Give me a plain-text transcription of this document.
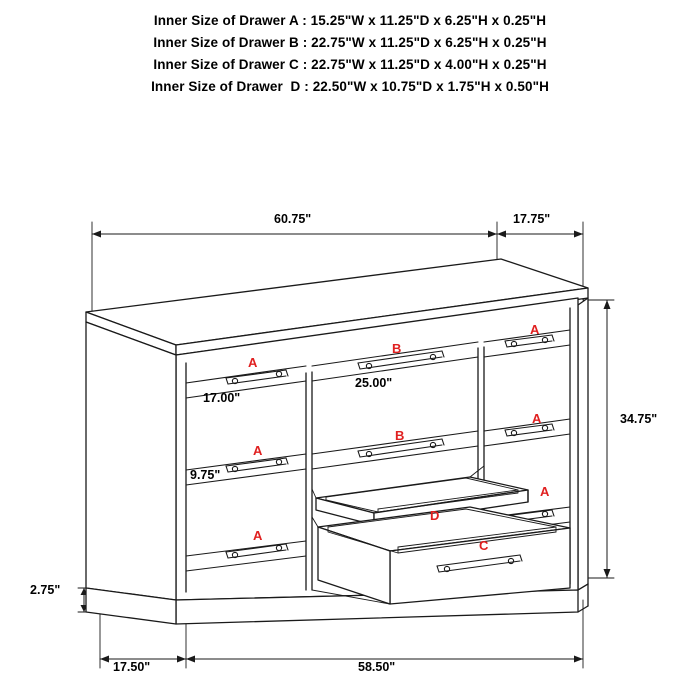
Inner Size of Drawer A : 15.25"W x 11.25"D x 6.25"H x 0.25"H
Inner Size of Drawer B : 22.75"W x 11.25"D x 6.25"H x 0.25"H
Inner Size of Drawer C : 22.75"W x 11.25"D x 4.00"H x 0.25"H
Inner Size of Drawer  D : 22.50"W x 10.75"D x 1.75"H x 0.50"H
60.75"	17.75"
34.75"
2.75"
17.50"	58.50"
17.00"
25.00"
9.75"
A
B
A
A
B
A
A
D
A
C
